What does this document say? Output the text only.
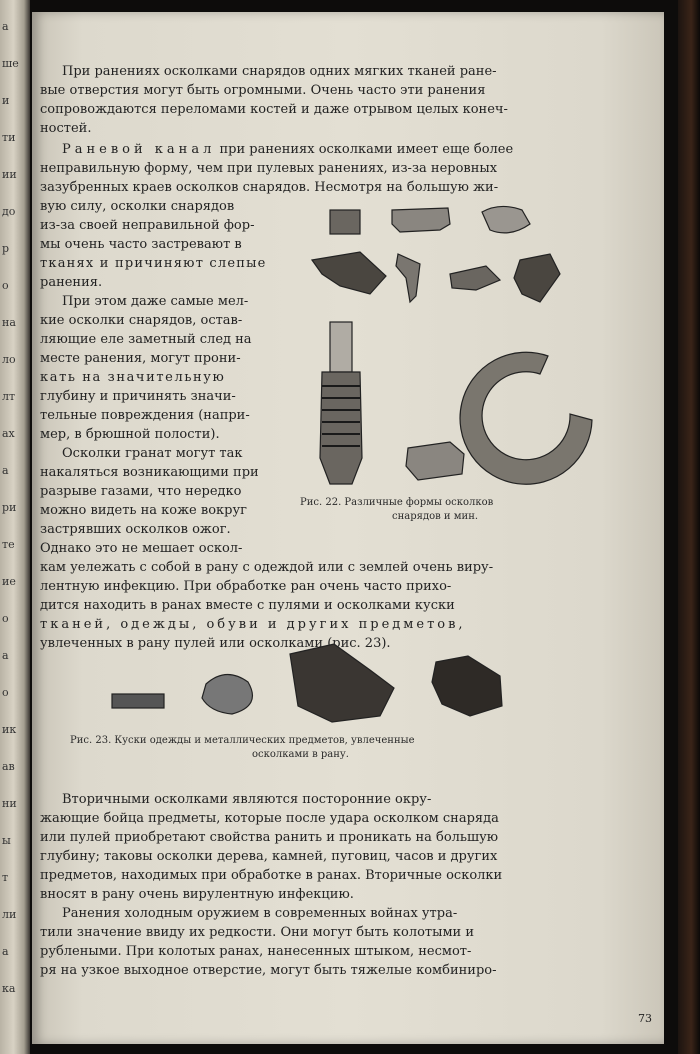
а
ше
и
ти
ии
до
р
о
на
ло
лт
ах
а
ри
те
ие
о
а
о
ик
ав
ни
ы
т
ли
а
ка
При ранениях осколками снарядов одних мягких тканей ране-
вые отверстия могут быть огромными. Очень часто эти ранения
сопровождаются переломами костей и даже отрывом целых конеч-
ностей.
Раневой канал при ранениях осколками имеет еще более
неправильную форму, чем при пулевых ранениях, из-за неровных
зазубренных краев осколков снарядов. Несмотря на большую жи-
вую силу, осколки снарядов
из-за своей неправильной фор-
мы очень часто застревают в
тканях и причиняют слепые
ранения.
При этом даже самые мел-
кие осколки снарядов, остав-
ляющие еле заметный след на
месте ранения, могут прони-
кать на значительную
глубину и причинять значи-
тельные повреждения (напри-
мер, в брюшной полости).
Осколки гранат могут так
накаляться возникающими при
разрыве газами, что нередко
можно видеть на коже вокруг
застрявших осколков ожог.
Однако это не мешает оскол-
Рис. 22. Различные формы осколков
снарядов и мин.
кам уележать с собой в рану с одеждой или с землей очень виру-
лентную инфекцию. При обработке ран очень часто прихо-
дится находить в ранах вместе с пулями и осколками куски
тканей, одежды, обуви и других предметов,
увлеченных в рану пулей или осколками (рис. 23).
Рис. 23. Куски одежды и металлических предметов, увлеченные
осколками в рану.
Вторичными осколками являются посторонние окру-
жающие бойца предметы, которые после удара осколком снаряда
или пулей приобретают свойства ранить и проникать на большую
глубину; таковы осколки дерева, камней, пуговиц, часов и других
предметов, находимых при обработке в ранах. Вторичные осколки
вносят в рану очень вирулентную инфекцию.
Ранения холодным оружием в современных войнах утра-
тили значение ввиду их редкости. Они могут быть колотыми и
рублеными. При колотых ранах, нанесенных штыком, несмот-
ря на узкое выходное отверстие, могут быть тяжелые комбиниро-
73
